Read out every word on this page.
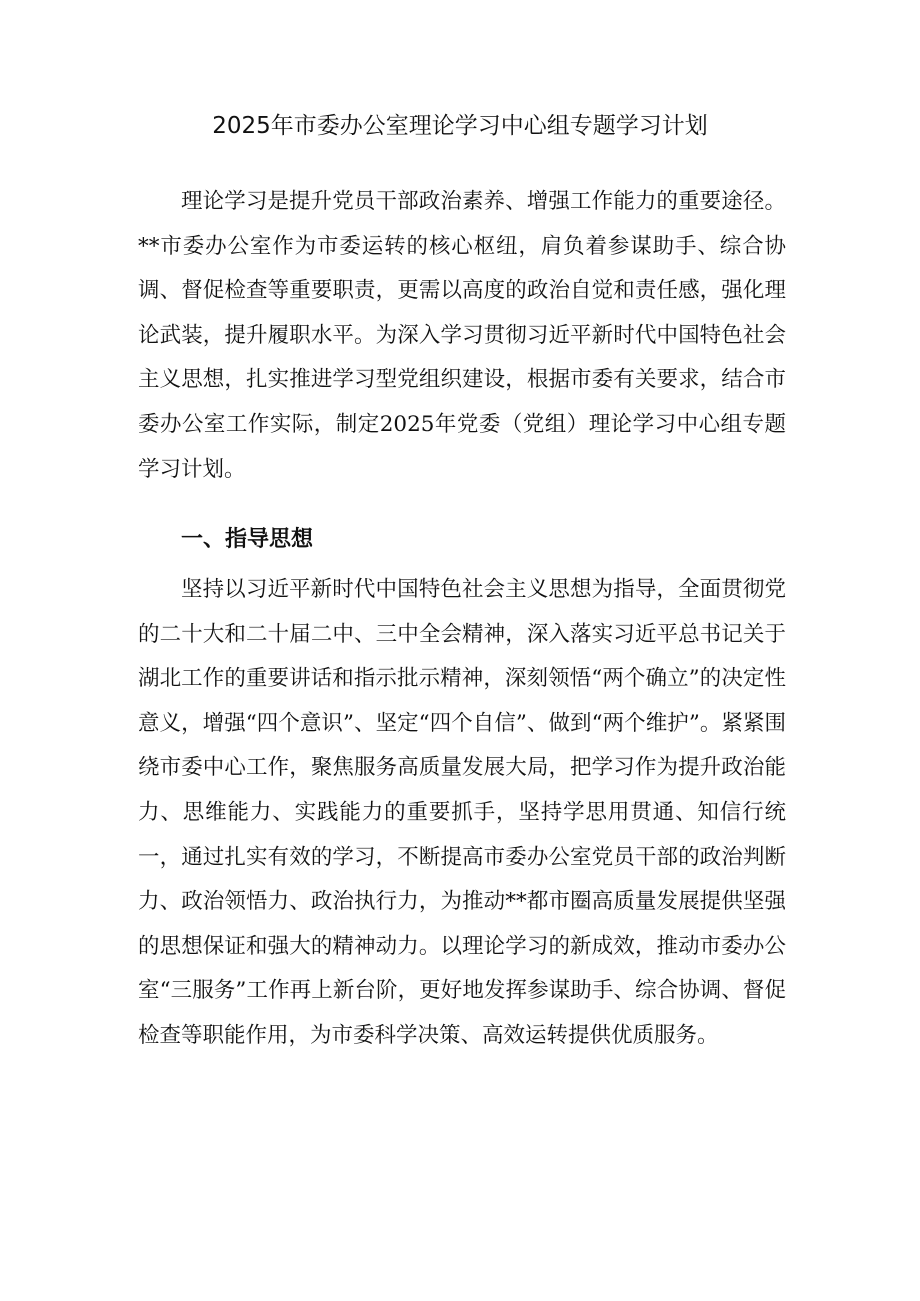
2025年市委办公室理论学习中心组专题学习计划

理论学习是提升党员干部政治素养、增强工作能力的重要途径。**市委办公室作为市委运转的核心枢纽，肩负着参谋助手、综合协调、督促检查等重要职责，更需以高度的政治自觉和责任感，强化理论武装，提升履职水平。为深入学习贯彻习近平新时代中国特色社会主义思想，扎实推进学习型党组织建设，根据市委有关要求，结合市委办公室工作实际，制定2025年党委（党组）理论学习中心组专题学习计划。

一、指导思想

坚持以习近平新时代中国特色社会主义思想为指导，全面贯彻党的二十大和二十届二中、三中全会精神，深入落实习近平总书记关于湖北工作的重要讲话和指示批示精神，深刻领悟“两个确立”的决定性意义，增强“四个意识”、坚定“四个自信”、做到“两个维护”。紧紧围绕市委中心工作，聚焦服务高质量发展大局，把学习作为提升政治能力、思维能力、实践能力的重要抓手，坚持学思用贯通、知信行统一，通过扎实有效的学习，不断提高市委办公室党员干部的政治判断力、政治领悟力、政治执行力，为推动**都市圈高质量发展提供坚强的思想保证和强大的精神动力。以理论学习的新成效，推动市委办公室“三服务”工作再上新台阶，更好地发挥参谋助手、综合协调、督促检查等职能作用，为市委科学决策、高效运转提供优质服务。
